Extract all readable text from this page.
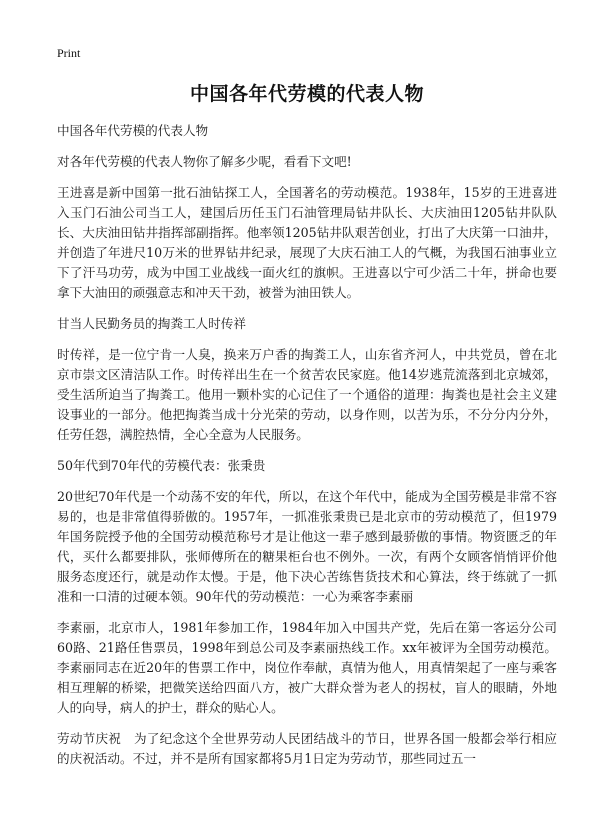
Print
中国各年代劳模的代表人物

中国各年代劳模的代表人物

对各年代劳模的代表人物你了解多少呢，看看下文吧!

王进喜是新中国第一批石油钻探工人，全国著名的劳动模范。1938年，15岁的王进喜进入玉门石油公司当工人，建国后历任玉门石油管理局钻井队长、大庆油田1205钻井队队长、大庆油田钻井指挥部副指挥。他率领1205钻井队艰苦创业，打出了大庆第一口油井，并创造了年进尺10万米的世界钻井纪录，展现了大庆石油工人的气概，为我国石油事业立下了汗马功劳，成为中国工业战线一面火红的旗帜。王进喜以宁可少活二十年，拼命也要拿下大油田的顽强意志和冲天干劲，被誉为油田铁人。

甘当人民勤务员的掏粪工人时传祥

时传祥，是一位宁肯一人臭，换来万户香的掏粪工人，山东省齐河人，中共党员，曾在北京市崇文区清洁队工作。时传祥出生在一个贫苦农民家庭。他14岁逃荒流落到北京城郊，受生活所迫当了掏粪工。他用一颗朴实的心记住了一个通俗的道理：掏粪也是社会主义建设事业的一部分。他把掏粪当成十分光荣的劳动，以身作则，以苦为乐，不分分内分外，任劳任怨，满腔热情，全心全意为人民服务。

50年代到70年代的劳模代表：张秉贵

20世纪70年代是一个动荡不安的年代，所以，在这个年代中，能成为全国劳模是非常不容易的，也是非常值得骄傲的。1957年，一抓准张秉贵已是北京市的劳动模范了，但1979年国务院授予他的全国劳动模范称号才是让他这一辈子感到最骄傲的事情。物资匮乏的年代，买什么都要排队，张师傅所在的糖果柜台也不例外。一次，有两个女顾客悄悄评价他服务态度还行，就是动作太慢。于是，他下决心苦练售货技术和心算法，终于练就了一抓准和一口清的过硬本领。90年代的劳动模范：一心为乘客李素丽

李素丽，北京市人，1981年参加工作，1984年加入中国共产党，先后在第一客运分公司60路、21路任售票员，1998年到总公司及李素丽热线工作。xx年被评为全国劳动模范。李素丽同志在近20年的售票工作中，岗位作奉献，真情为他人，用真情架起了一座与乘客相互理解的桥梁，把微笑送给四面八方，被广大群众誉为老人的拐杖，盲人的眼睛，外地人的向导，病人的护士，群众的贴心人。

劳动节庆祝　为了纪念这个全世界劳动人民团结战斗的节日，世界各国一般都会举行相应的庆祝活动。不过，并不是所有国家都将5月1日定为劳动节，那些同过五一
